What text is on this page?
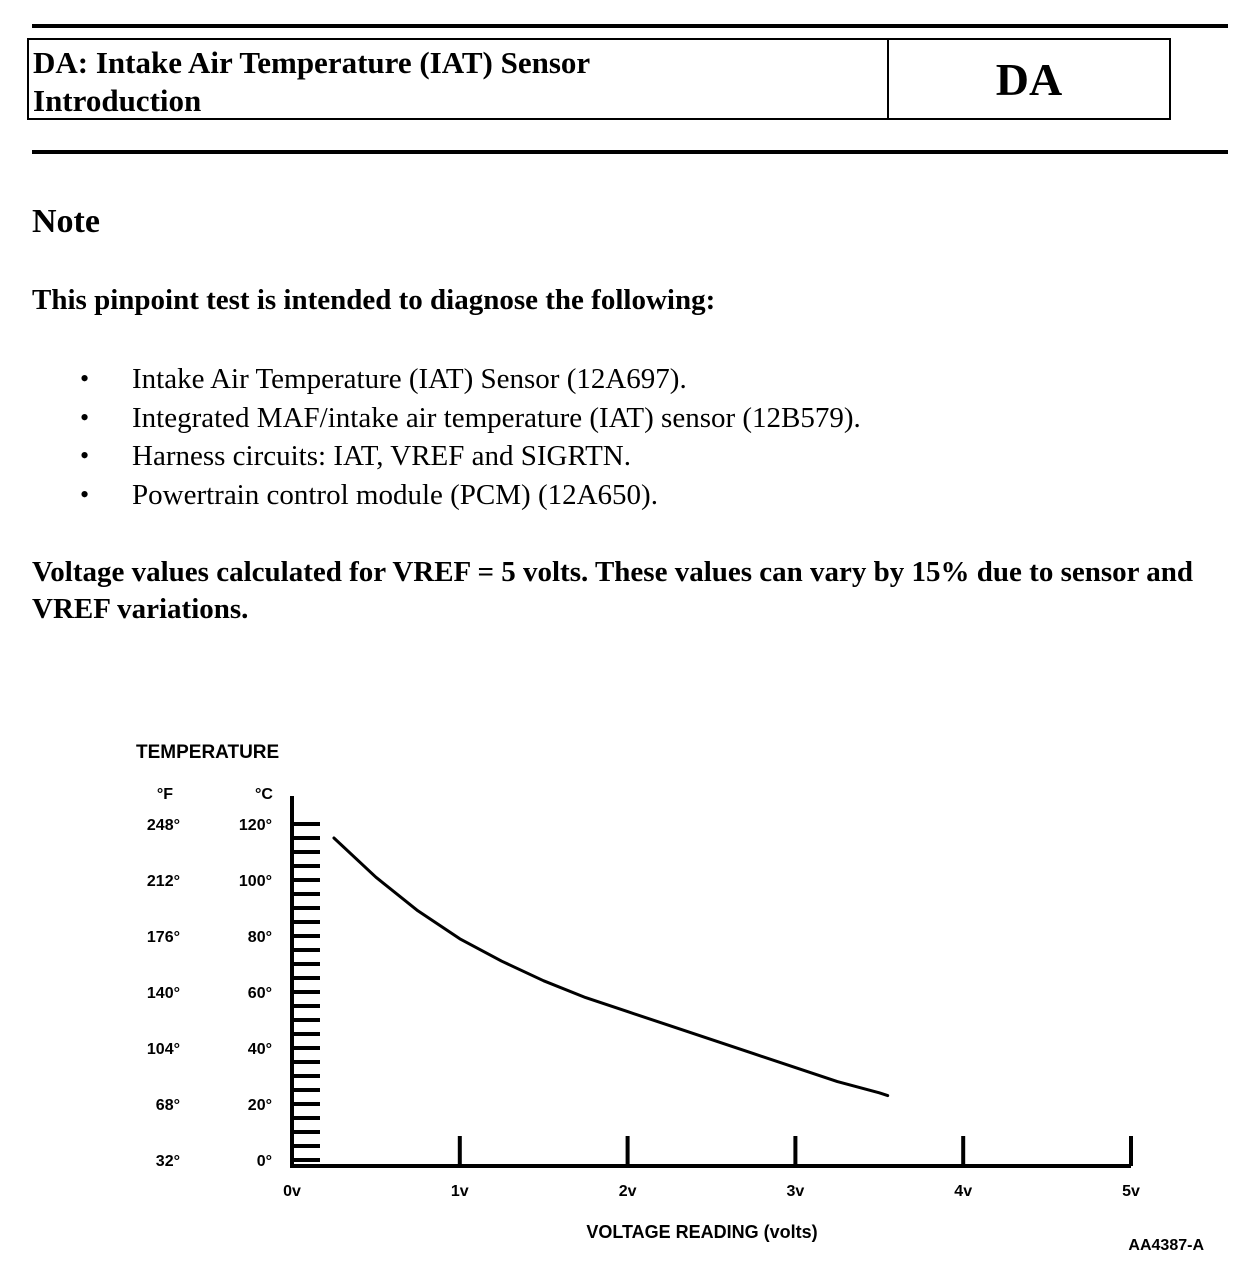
DA: Intake Air Temperature (IAT) Sensor
Introduction	DA
Note
This pinpoint test is intended to diagnose the following:
• Intake Air Temperature (IAT) Sensor (12A697).
• Integrated MAF/intake air temperature (IAT) sensor (12B579).
• Harness circuits: IAT, VREF and SIGRTN.
• Powertrain control module (PCM) (12A650).
Voltage values calculated for VREF = 5 volts. These values can vary by 15% due to sensor and VREF variations.
TEMPERATURE
°F	°C
32°	0°
68°	20°
104°	40°
140°	60°
176°	80°
212°	100°
248°	120°
0v	1v	2v	3v	4v	5v
VOLTAGE READING (volts)
AA4387-A
